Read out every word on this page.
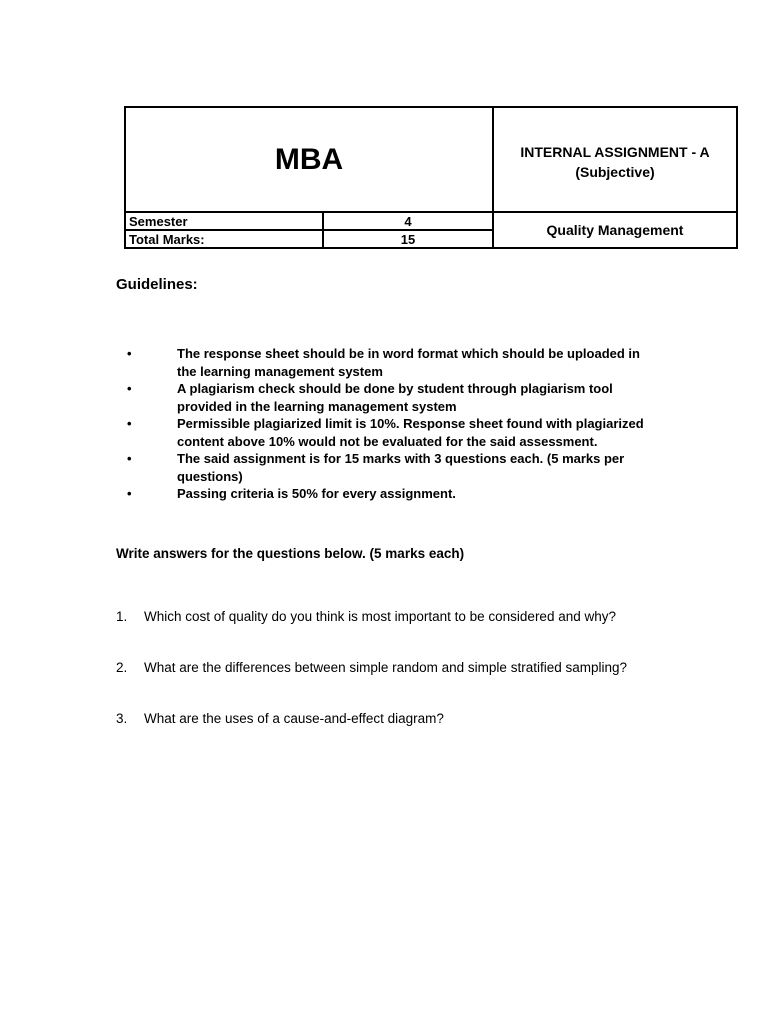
MBA	INTERNAL ASSIGNMENT - A
(Subjective)
Semester	4
Total Marks:	15
Quality Management
Guidelines:
•	The response sheet should be in word format which should be uploaded in the learning management system
•	A plagiarism check should be done by student through plagiarism tool provided in the learning management system
•	Permissible plagiarized limit is 10%. Response sheet found with plagiarized content above 10% would not be evaluated for the said assessment.
•	The said assignment is for 15 marks with 3 questions each. (5 marks per questions)
•	Passing criteria is 50% for every assignment.
Write answers for the questions below. (5 marks each)
1. Which cost of quality do you think is most important to be considered and why?
2. What are the differences between simple random and simple stratified sampling?
3. What are the uses of a cause-and-effect diagram?
